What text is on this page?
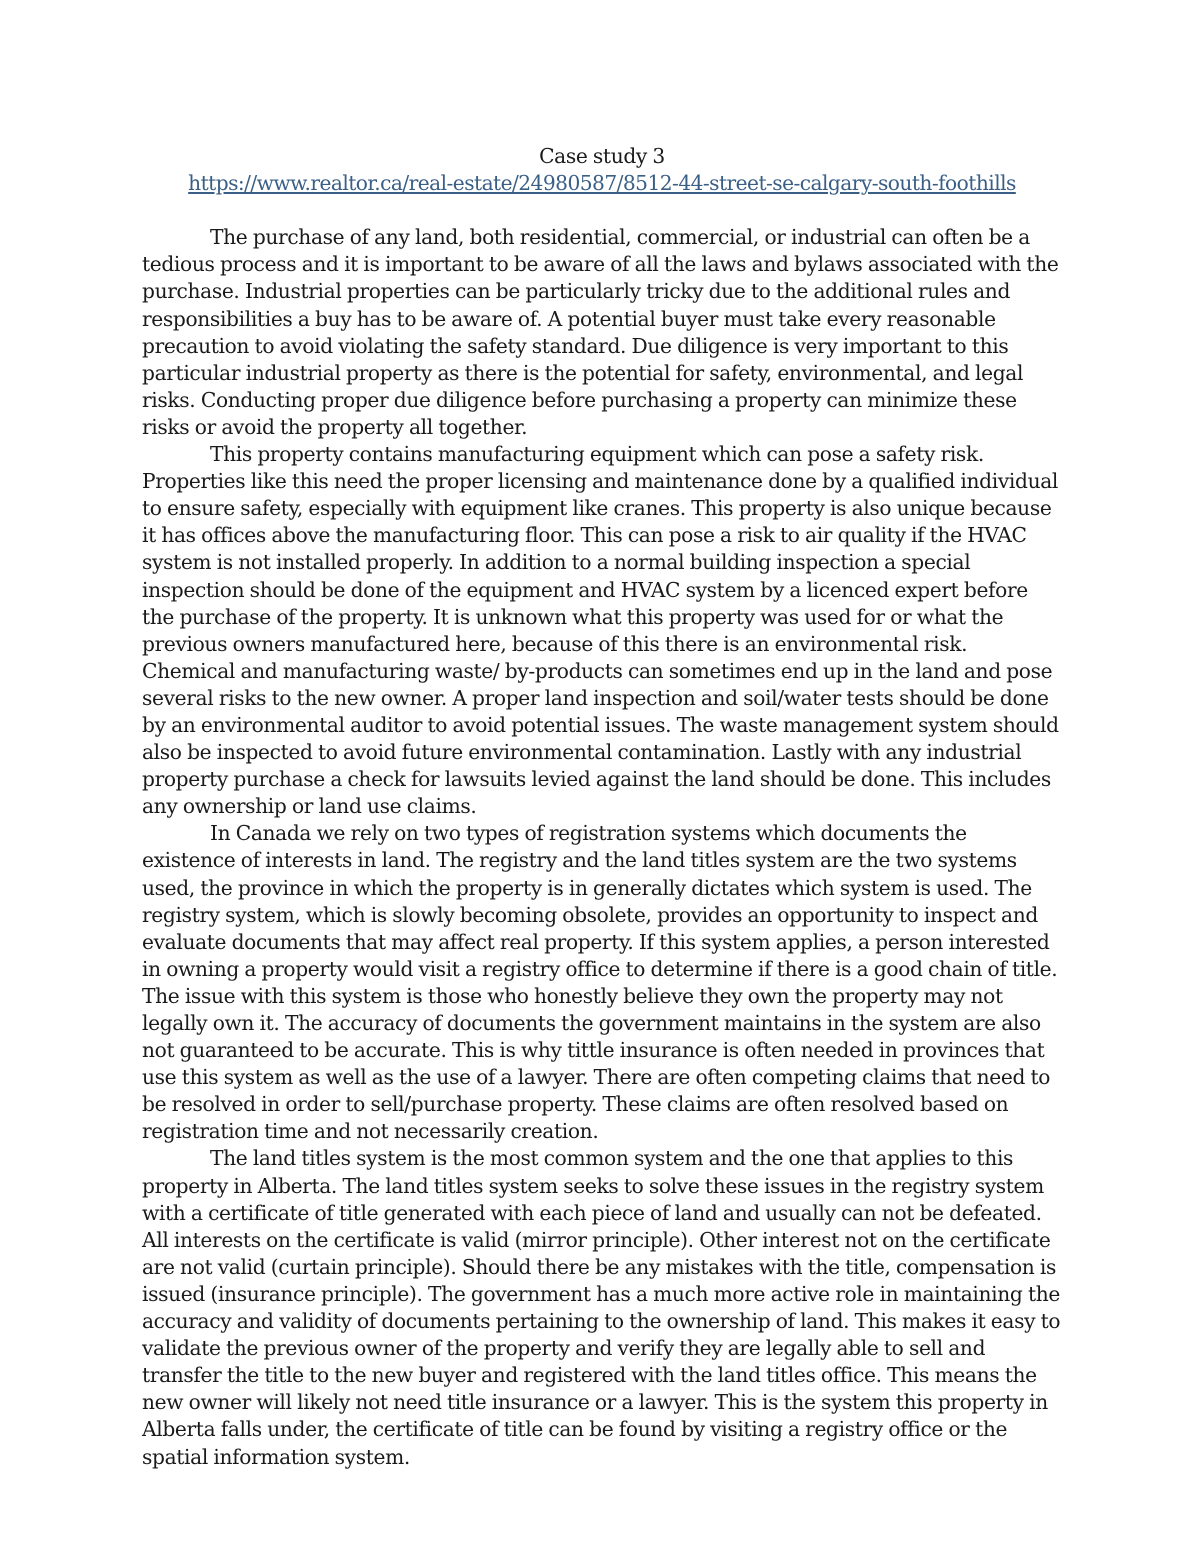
Case study 3

https://www.realtor.ca/real-estate/24980587/8512-44-street-se-calgary-south-foothills

The purchase of any land, both residential, commercial, or industrial can often be a tedious process and it is important to be aware of all the laws and bylaws associated with the purchase. Industrial properties can be particularly tricky due to the additional rules and responsibilities a buy has to be aware of. A potential buyer must take every reasonable precaution to avoid violating the safety standard. Due diligence is very important to this particular industrial property as there is the potential for safety, environmental, and legal risks. Conducting proper due diligence before purchasing a property can minimize these risks or avoid the property all together.

This property contains manufacturing equipment which can pose a safety risk. Properties like this need the proper licensing and maintenance done by a qualified individual to ensure safety, especially with equipment like cranes. This property is also unique because it has offices above the manufacturing floor. This can pose a risk to air quality if the HVAC system is not installed properly. In addition to a normal building inspection a special inspection should be done of the equipment and HVAC system by a licenced expert before the purchase of the property. It is unknown what this property was used for or what the previous owners manufactured here, because of this there is an environmental risk. Chemical and manufacturing waste/ by-products can sometimes end up in the land and pose several risks to the new owner. A proper land inspection and soil/water tests should be done by an environmental auditor to avoid potential issues. The waste management system should also be inspected to avoid future environmental contamination. Lastly with any industrial property purchase a check for lawsuits levied against the land should be done. This includes any ownership or land use claims.

In Canada we rely on two types of registration systems which documents the existence of interests in land. The registry and the land titles system are the two systems used, the province in which the property is in generally dictates which system is used. The registry system, which is slowly becoming obsolete, provides an opportunity to inspect and evaluate documents that may affect real property. If this system applies, a person interested in owning a property would visit a registry office to determine if there is a good chain of title. The issue with this system is those who honestly believe they own the property may not legally own it. The accuracy of documents the government maintains in the system are also not guaranteed to be accurate. This is why tittle insurance is often needed in provinces that use this system as well as the use of a lawyer. There are often competing claims that need to be resolved in order to sell/purchase property. These claims are often resolved based on registration time and not necessarily creation.

The land titles system is the most common system and the one that applies to this property in Alberta. The land titles system seeks to solve these issues in the registry system with a certificate of title generated with each piece of land and usually can not be defeated. All interests on the certificate is valid (mirror principle). Other interest not on the certificate are not valid (curtain principle). Should there be any mistakes with the title, compensation is issued (insurance principle). The government has a much more active role in maintaining the accuracy and validity of documents pertaining to the ownership of land. This makes it easy to validate the previous owner of the property and verify they are legally able to sell and transfer the title to the new buyer and registered with the land titles office. This means the new owner will likely not need title insurance or a lawyer. This is the system this property in Alberta falls under, the certificate of title can be found by visiting a registry office or the spatial information system.
